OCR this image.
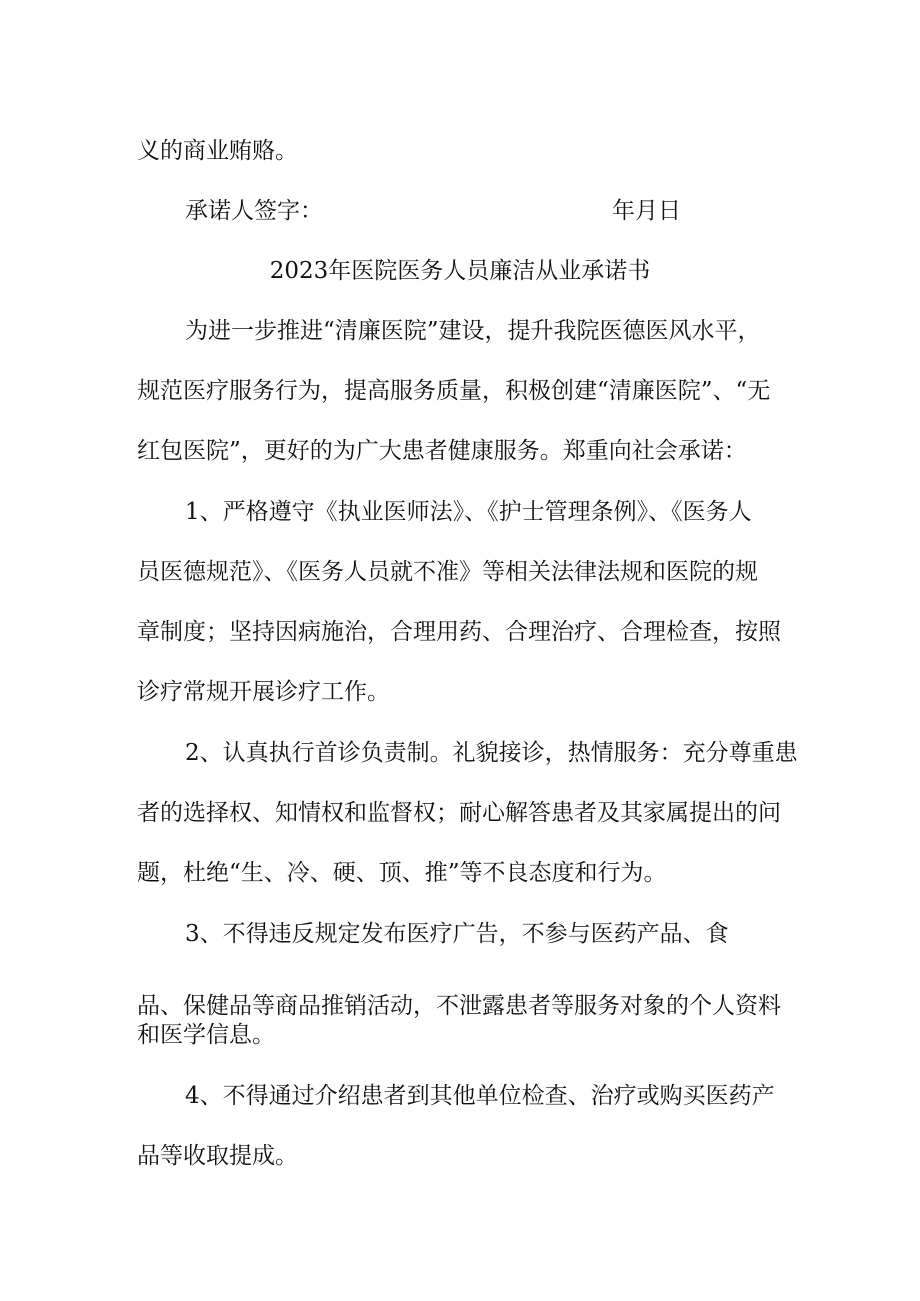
义的商业贿赂。

承诺人签字：	年月日
2023年医院医务人员廉洁从业承诺书

为进一步推进“清廉医院”建设，提升我院医德医风水平，

规范医疗服务行为，提高服务质量，积极创建“清廉医院”、“无

红包医院”，更好的为广大患者健康服务。郑重向社会承诺：

1、严格遵守《执业医师法》、《护士管理条例》、《医务人

员医德规范》、《医务人员就不准》等相关法律法规和医院的规

章制度；坚持因病施治，合理用药、合理治疗、合理检查，按照

诊疗常规开展诊疗工作。

2、认真执行首诊负责制。礼貌接诊，热情服务：充分尊重患

者的选择权、知情权和监督权；耐心解答患者及其家属提出的问

题，杜绝“生、冷、硬、顶、推”等不良态度和行为。

3、不得违反规定发布医疗广告，不参与医药产品、食

品、保健品等商品推销活动，不泄露患者等服务对象的个人资料

和医学信息。

4、不得通过介绍患者到其他单位检查、治疗或购买医药产

品等收取提成。
